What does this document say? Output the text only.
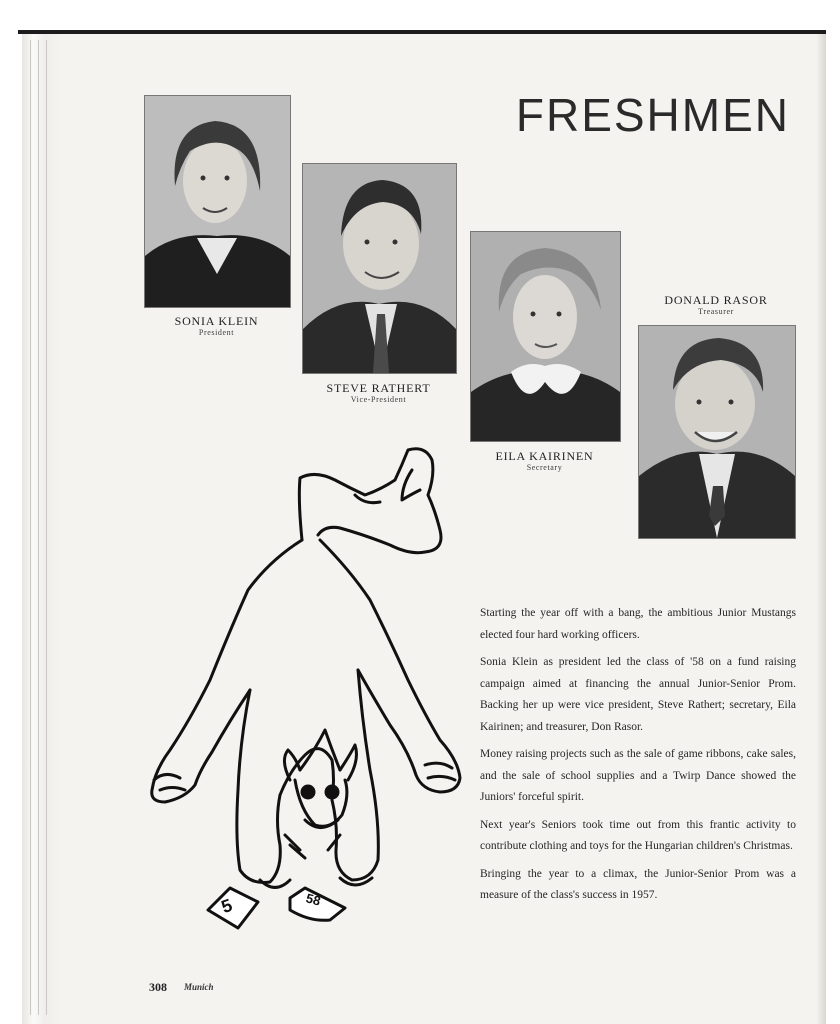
FRESHMEN
SONIA KLEIN
President
STEVE RATHERT
Vice-President
EILA KAIRINEN
Secretary
DONALD RASOR
Treasurer
5	58

Starting the year off with a bang, the ambitious Junior Mustangs elected four hard working officers.

Sonia Klein as president led the class of '58 on a fund raising campaign aimed at financing the annual Junior-Senior Prom. Backing her up were vice president, Steve Rathert; secretary, Eila Kairinen; and treasurer, Don Rasor.

Money raising projects such as the sale of game ribbons, cake sales, and the sale of school supplies and a Twirp Dance showed the Juniors' forceful spirit.

Next year's Seniors took time out from this frantic activity to contribute clothing and toys for the Hungarian children's Christmas.

Bringing the year to a climax, the Junior-Senior Prom was a measure of the class's success in 1957.

308 Munich
